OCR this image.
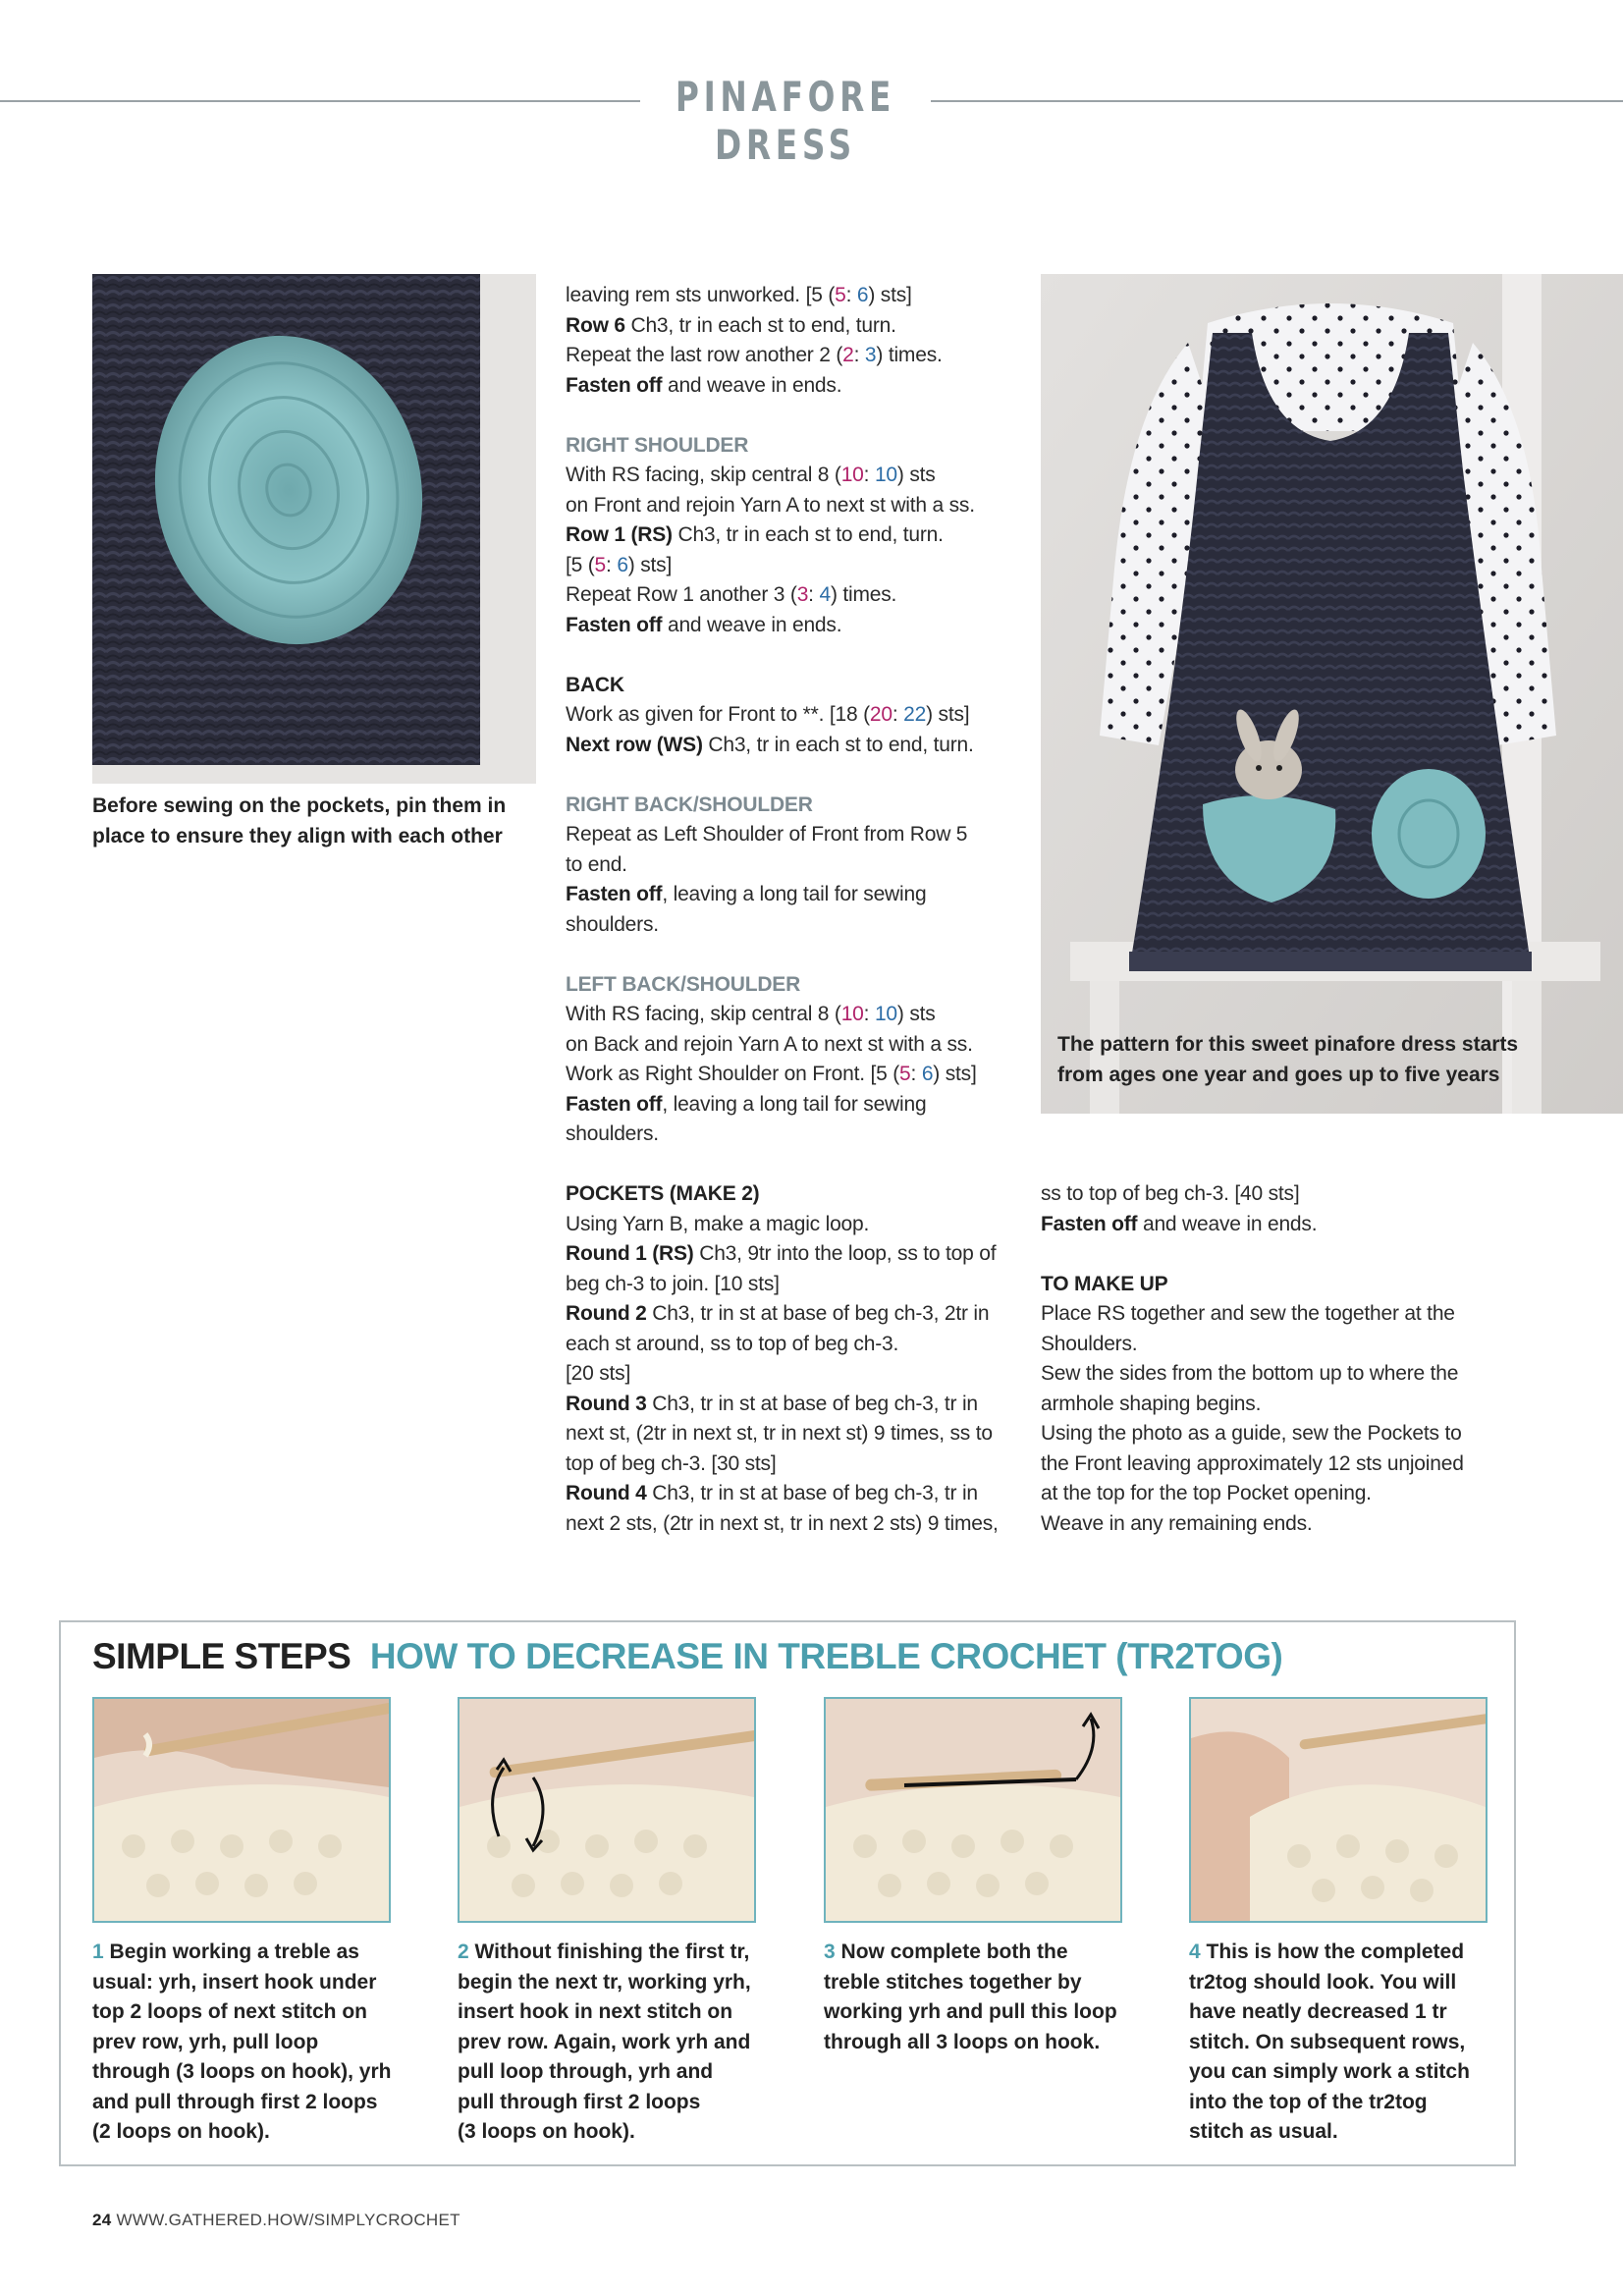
PINAFORE DRESS
Before sewing on the pockets, pin them in place to ensure they align with each other

leaving rem sts unworked. [5 (5: 6) sts]

Row 6 Ch3, tr in each st to end, turn.

Repeat the last row another 2 (2: 3) times.

Fasten off and weave in ends.

RIGHT SHOULDER

With RS facing, skip central 8 (10: 10) sts

on Front and rejoin Yarn A to next st with a ss.

Row 1 (RS) Ch3, tr in each st to end, turn.

[5 (5: 6) sts]

Repeat Row 1 another 3 (3: 4) times.

Fasten off and weave in ends.

BACK

Work as given for Front to **. [18 (20: 22) sts]

Next row (WS) Ch3, tr in each st to end, turn.

RIGHT BACK/SHOULDER

Repeat as Left Shoulder of Front from Row 5

to end.

Fasten off, leaving a long tail for sewing

shoulders.

LEFT BACK/SHOULDER

With RS facing, skip central 8 (10: 10) sts

on Back and rejoin Yarn A to next st with a ss.

Work as Right Shoulder on Front. [5 (5: 6) sts]

Fasten off, leaving a long tail for sewing

shoulders.

POCKETS (MAKE 2)

Using Yarn B, make a magic loop.

Round 1 (RS) Ch3, 9tr into the loop, ss to top of

beg ch-3 to join. [10 sts]

Round 2 Ch3, tr in st at base of beg ch-3, 2tr in

each st around, ss to top of beg ch-3.

[20 sts]

Round 3 Ch3, tr in st at base of beg ch-3, tr in

next st, (2tr in next st, tr in next st) 9 times, ss to

top of beg ch-3. [30 sts]

Round 4 Ch3, tr in st at base of beg ch-3, tr in

next 2 sts, (2tr in next st, tr in next 2 sts) 9 times,

The pattern for this sweet pinafore dress starts from ages one year and goes up to five years

ss to top of beg ch-3. [40 sts]

Fasten off and weave in ends.

TO MAKE UP

Place RS together and sew the together at the

Shoulders.

Sew the sides from the bottom up to where the

armhole shaping begins.

Using the photo as a guide, sew the Pockets to

the Front leaving approximately 12 sts unjoined

at the top for the top Pocket opening.

Weave in any remaining ends.

SIMPLE STEPS HOW TO DECREASE IN TREBLE CROCHET (TR2TOG)
1 Begin working a treble as
usual: yrh, insert hook under
top 2 loops of next stitch on
prev row, yrh, pull loop
through (3 loops on hook), yrh
and pull through first 2 loops
(2 loops on hook).
2 Without finishing the first tr,
begin the next tr, working yrh,
insert hook in next stitch on
prev row. Again, work yrh and
pull loop through, yrh and
pull through first 2 loops
(3 loops on hook).
3 Now complete both the
treble stitches together by
working yrh and pull this loop
through all 3 loops on hook.
4 This is how the completed
tr2tog should look. You will
have neatly decreased 1 tr
stitch. On subsequent rows,
you can simply work a stitch
into the top of the tr2tog
stitch as usual.
24 WWW.GATHERED.HOW/SIMPLYCROCHET
